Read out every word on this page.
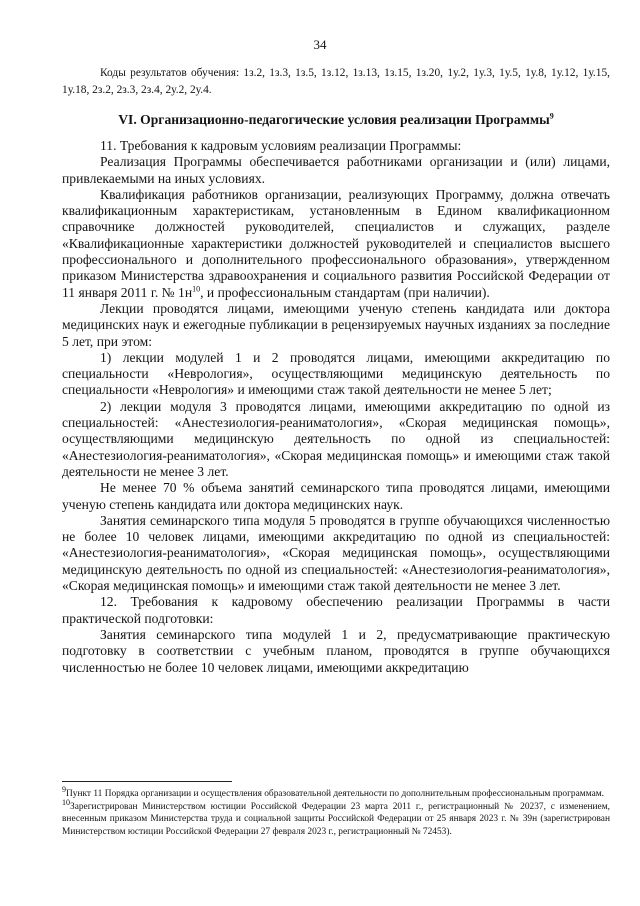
34
Коды результатов обучения: 1з.2, 1з.3, 1з.5, 1з.12, 1з.13, 1з.15, 1з.20, 1у.2, 1у.3, 1у.5, 1у.8, 1у.12, 1у.15, 1у.18, 2з.2, 2з.3, 2з.4, 2у.2, 2у.4.
VI. Организационно-педагогические условия реализации Программы$^9$

11. Требования к кадровым условиям реализации Программы:

Реализация Программы обеспечивается работниками организации и (или) лицами, привлекаемыми на иных условиях.

Квалификация работников организации, реализующих Программу, должна отвечать квалификационным характеристикам, установленным в Едином квалификационном справочнике должностей руководителей, специалистов и служащих, разделе «Квалификационные характеристики должностей руководителей и специалистов высшего профессионального и дополнительного профессионального образования», утвержденном приказом Министерства здравоохранения и социального развития Российской Федерации от 11 января 2011 г. № $1н^{10}$, и профессиональным стандартам (при наличии).

Лекции проводятся лицами, имеющими ученую степень кандидата или доктора медицинских наук и ежегодные публикации в рецензируемых научных изданиях за последние 5 лет, при этом:

1) лекции модулей 1 и 2 проводятся лицами, имеющими аккредитацию по специальности «Неврология», осуществляющими медицинскую деятельность по специальности «Неврология» и имеющими стаж такой деятельности не менее 5 лет;

2) лекции модуля 3 проводятся лицами, имеющими аккредитацию по одной из специальностей: «Анестезиология-реаниматология», «Скорая медицинская помощь», осуществляющими медицинскую деятельность по одной из специальностей: «Анестезиология-реаниматология», «Скорая медицинская помощь» и имеющими стаж такой деятельности не менее 3 лет.

Не менее 70 % объема занятий семинарского типа проводятся лицами, имеющими ученую степень кандидата или доктора медицинских наук.

Занятия семинарского типа модуля 5 проводятся в группе обучающихся численностью не более 10 человек лицами, имеющими аккредитацию по одной из специальностей: «Анестезиология-реаниматология», «Скорая медицинская помощь», осуществляющими медицинскую деятельность по одной из специальностей: «Анестезиология-реаниматология», «Скорая медицинская помощь» и имеющими стаж такой деятельности не менее 3 лет.

12. Требования к кадровому обеспечению реализации Программы в части практической подготовки:

Занятия семинарского типа модулей 1 и 2, предусматривающие практическую подготовку в соответствии с учебным планом, проводятся в группе обучающихся численностью не более 10 человек лицами, имеющими аккредитацию

$^9$Пункт 11 Порядка организации и осуществления образовательной деятельности по дополнительным профессиональным программам.

$^{10}$Зарегистрирован Министерством юстиции Российской Федерации 23 марта 2011 г., регистрационный № 20237, с изменением, внесенным приказом Министерства труда и социальной защиты Российской Федерации от 25 января 2023 г. № 39н (зарегистрирован Министерством юстиции Российской Федерации 27 февраля 2023 г., регистрационный № 72453).
